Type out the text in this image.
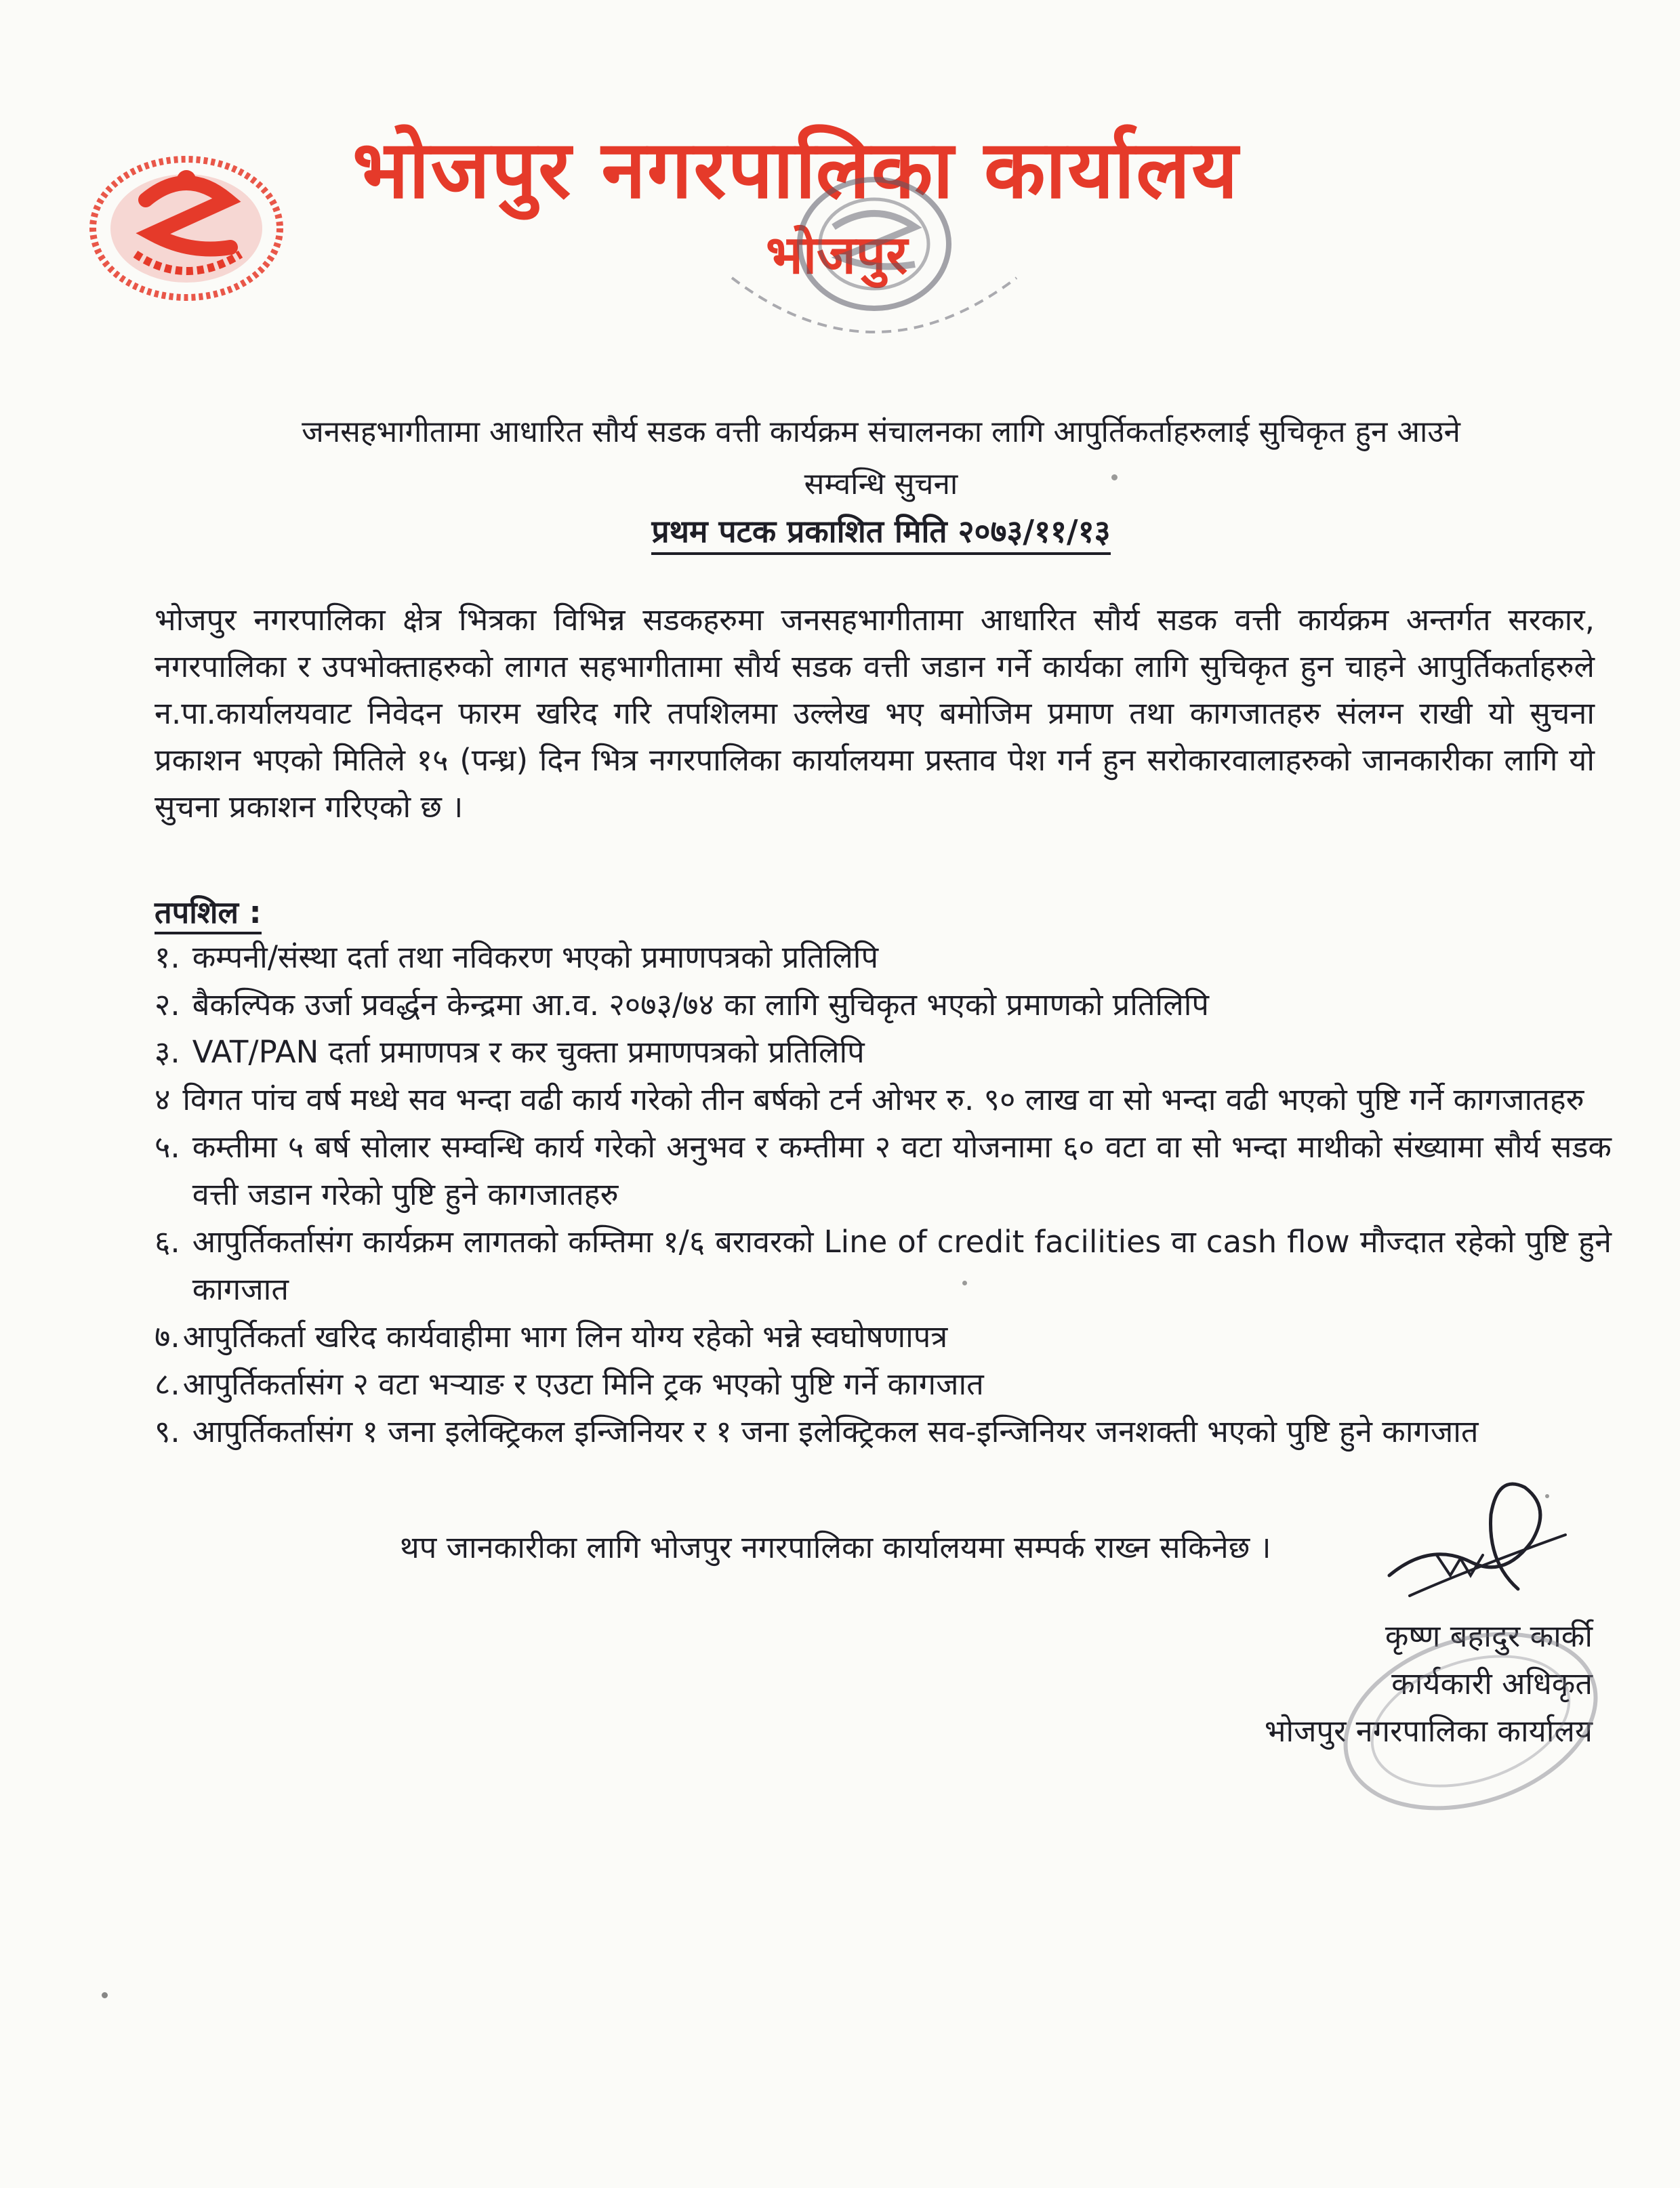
भोजपुर नगरपालिका कार्यालय
भोजपुर
जनसहभागीतामा आधारित सौर्य सडक वत्ती कार्यक्रम संचालनका लागि आपुर्तिकर्ताहरुलाई सुचिकृत हुन आउने
सम्वन्धि सुचना
प्रथम पटक प्रकाशित मिति २०७३/११/१३
भोजपुर नगरपालिका क्षेत्र भित्रका विभिन्न सडकहरुमा जनसहभागीतामा आधारित सौर्य सडक वत्ती कार्यक्रम अन्तर्गत सरकार, नगरपालिका र उपभोक्ताहरुको लागत सहभागीतामा सौर्य सडक वत्ती जडान गर्ने कार्यका लागि सुचिकृत हुन चाहने आपुर्तिकर्ताहरुले न.पा.कार्यालयवाट निवेदन फारम खरिद गरि तपशिलमा उल्लेख भए बमोजिम प्रमाण तथा कागजातहरु संलग्न राखी यो सुचना प्रकाशन भएको मितिले १५ (पन्ध्र) दिन भित्र नगरपालिका कार्यालयमा प्रस्ताव पेश गर्न हुन सरोकारवालाहरुको जानकारीका लागि यो सुचना प्रकाशन गरिएको छ ।
तपशिल :
१. कम्पनी/संस्था दर्ता तथा नविकरण भएको प्रमाणपत्रको प्रतिलिपि
२. बैकल्पिक उर्जा प्रवर्द्धन केन्द्रमा आ.व. २०७३/७४ का लागि सुचिकृत भएको प्रमाणको प्रतिलिपि
३. VAT/PAN दर्ता प्रमाणपत्र र कर चुक्ता प्रमाणपत्रको प्रतिलिपि
४ विगत पांच वर्ष मध्धे सव भन्दा वढी कार्य गरेको तीन बर्षको टर्न ओभर रु. ९० लाख वा सो भन्दा वढी भएको पुष्टि गर्ने कागजातहरु
५. कम्तीमा ५ बर्ष सोलार सम्वन्धि कार्य गरेको अनुभव र कम्तीमा २ वटा योजनामा ६० वटा वा सो भन्दा माथीको संख्यामा सौर्य सडक वत्ती जडान गरेको पुष्टि हुने कागजातहरु
६. आपुर्तिकर्तासंग कार्यक्रम लागतको कम्तिमा १/६ बरावरको Line of credit facilities वा cash flow मौज्दात रहेको पुष्टि हुने कागजात
७. आपुर्तिकर्ता खरिद कार्यवाहीमा भाग लिन योग्य रहेको भन्ने स्वघोषणापत्र
८. आपुर्तिकर्तासंग २ वटा भऱ्याङ र एउटा मिनि ट्रक भएको पुष्टि गर्ने कागजात
९. आपुर्तिकर्तासंग १ जना इलेक्ट्रिकल इन्जिनियर र १ जना इलेक्ट्रिकल सव-इन्जिनियर जनशक्ती भएको पुष्टि हुने कागजात
थप जानकारीका लागि भोजपुर नगरपालिका कार्यालयमा सम्पर्क राख्न सकिनेछ ।
कृष्ण बहादुर कार्की
कार्यकारी अधिकृत
भोजपुर नगरपालिका कार्यालय
